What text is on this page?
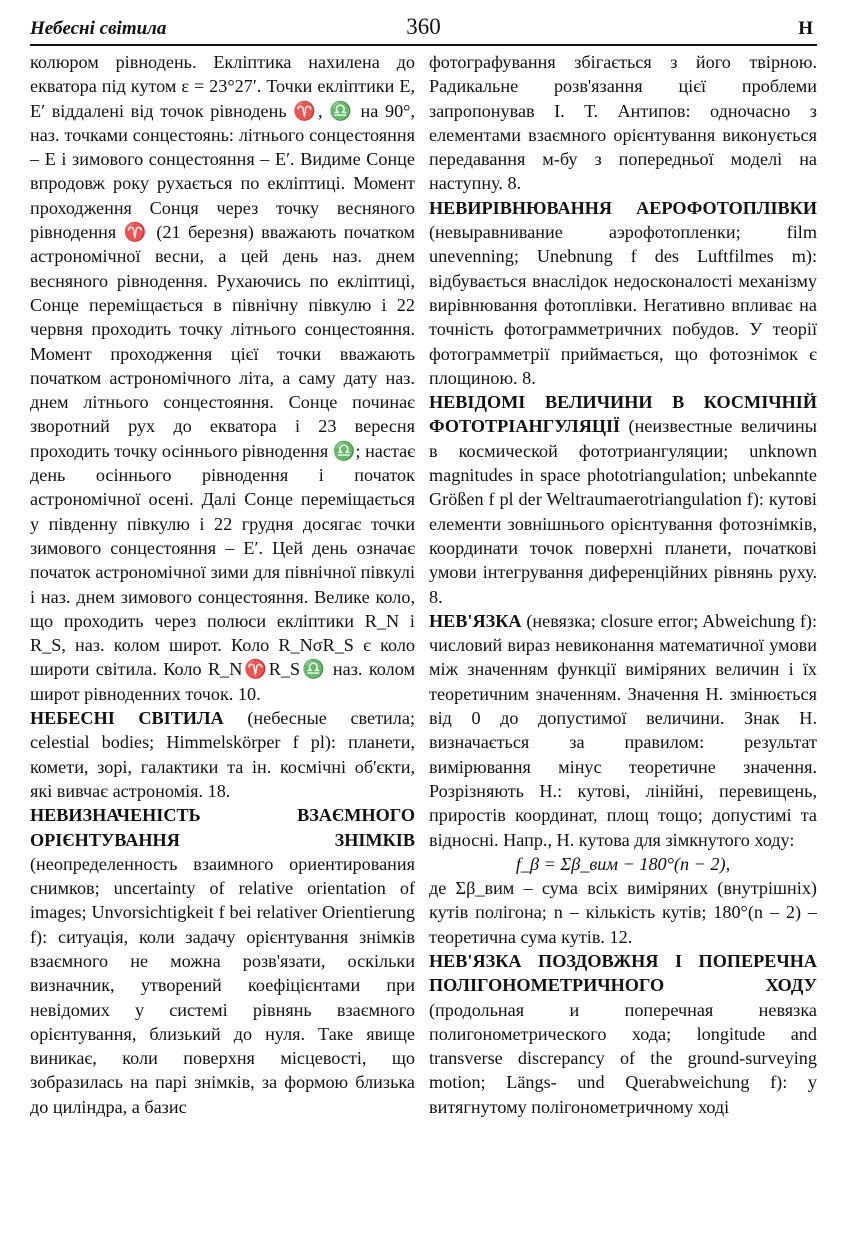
Небесні світила	360	Н

колюром рівнодень. Екліптика нахилена до екватора під кутом ε = 23°27′. Точки екліптики E, E′ віддалені від точок рівнодень ♈, ♎ на 90°, наз. точками сонцестоянь: літнього сонцестояння – E і зимового сонцестояння – E′. Видиме Сонце впродовж року рухається по екліптиці. Момент проходження Сонця через точку весняного рівнодення ♈ (21 березня) вважають початком астрономічної весни, а цей день наз. днем весняного рівнодення. Рухаючись по екліптиці, Сонце переміщається в північну півкулю і 22 червня проходить точку літнього сонцестояння. Момент проходження цієї точки вважають початком астрономічного літа, а саму дату наз. днем літнього сонцестояння. Сонце починає зворотний рух до екватора і 23 вересня проходить точку осіннього рівнодення ♎; настає день осіннього рівнодення і початок астрономічної осені. Далі Сонце переміщається у південну півкулю і 22 грудня досягає точки зимового сонцестояння – E′. Цей день означає початок астрономічної зими для північної півкулі і наз. днем зимового сонцестояння. Велике коло, що проходить через полюси екліптики R_N і R_S, наз. колом широт. Коло R_NσR_S є коло широти світила. Коло R_N♈R_S♎ наз. колом широт рівноденних точок. 10.

НЕБЕСНІ СВІТИЛА (небесные светила; celestial bodies; Himmelskörper f pl): планети, комети, зорі, галактики та ін. космічні об'єкти, які вивчає астрономія. 18.

НЕВИЗНАЧЕНІСТЬ ВЗАЄМНОГО ОРІЄНТУВАННЯ ЗНІМКІВ (неопределенность взаимного ориентирования снимков; uncertainty of relative orientation of images; Unvorsichtigkeit f bei relativer Orientierung f): ситуація, коли задачу орієнтування знімків взаємного не можна розв'язати, оскільки визначник, утворений коефіцієнтами при невідомих у системі рівнянь взаємного орієнтування, близький до нуля. Таке явище виникає, коли поверхня місцевості, що зобразилась на парі знімків, за формою близька до циліндра, а базис

фотографування збігається з його твірною. Радикальне розв'язання цієї проблеми запропонував І. Т. Антипов: одночасно з елементами взаємного орієнтування виконується передавання м-бу з попередньої моделі на наступну. 8.

НЕВИРІВНЮВАННЯ АЕРОФОТОПЛІВКИ (невыравнивание аэрофотопленки; film unevenning; Unebnung f des Luftfilmes m): відбувається внаслідок недосконалості механізму вирівнювання фотоплівки. Негативно впливає на точність фотограмметричних побудов. У теорії фотограмметрії приймається, що фотознімок є площиною. 8.

НЕВІДОМІ ВЕЛИЧИНИ В КОСМІЧНІЙ ФОТОТРІАНГУЛЯЦІЇ (неизвестные величины в космической фототриангуляции; unknown magnitudes in space phototriangulation; unbekannte Größen f pl der Weltraumaerotriangulation f): кутові елементи зовнішнього орієнтування фотознімків, координати точок поверхні планети, початкові умови інтегрування диференційних рівнянь руху. 8.

НЕВ'ЯЗКА (невязка; closure error; Abweichung f): числовий вираз невиконання математичної умови між значенням функції виміряних величин і їх теоретичним значенням. Значення Н. змінюється від 0 до допустимої величини. Знак Н. визначається за правилом: результат вимірювання мінус теоретичне значення. Розрізняють Н.: кутові, лінійні, перевищень, приростів координат, площ тощо; допустимі та відносні. Напр., Н. кутова для зімкнутого ходу:

f_β = Σβ_вим − 180°(n − 2),

де Σβ_вим – сума всіх виміряних (внутрішніх) кутів полігона; n – кількість кутів; 180°(n – 2) – теоретична сума кутів. 12.

НЕВ'ЯЗКА ПОЗДОВЖНЯ І ПОПЕРЕЧНА ПОЛІГОНОМЕТРИЧНОГО ХОДУ (продольная и поперечная невязка полигонометрического хода; longitude and transverse discrepancy of the ground-surveying motion; Längs- und Querabweichung f): у витягнутому полігонометричному ході
